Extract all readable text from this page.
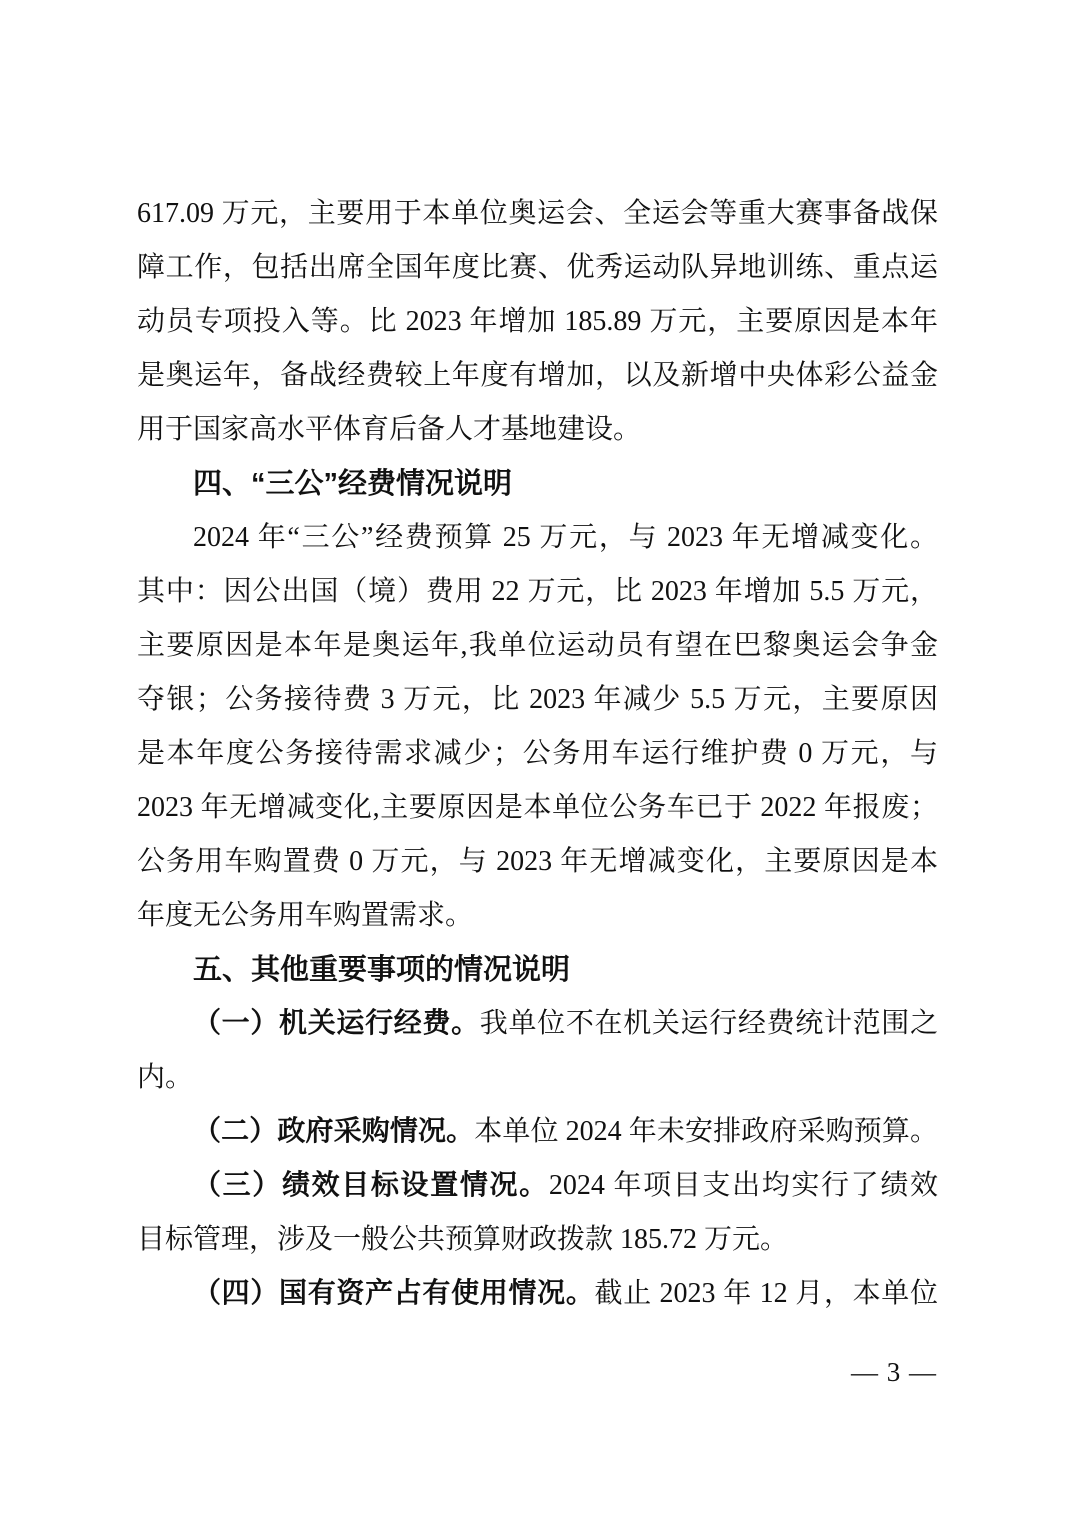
617.09 万元，主要用于本单位奥运会、全运会等重大赛事备战保
障工作，包括出席全国年度比赛、优秀运动队异地训练、重点运
动员专项投入等。比 2023 年增加 185.89 万元，主要原因是本年
是奥运年，备战经费较上年度有增加，以及新增中央体彩公益金
用于国家高水平体育后备人才基地建设。
四、“三公”经费情况说明
2024 年“三公”经费预算 25 万元，与 2023 年无增减变化。
其中：因公出国（境）费用 22 万元，比 2023 年增加 5.5 万元，
主要原因是本年是奥运年,我单位运动员有望在巴黎奥运会争金
夺银；公务接待费 3 万元，比 2023 年减少 5.5 万元，主要原因
是本年度公务接待需求减少；公务用车运行维护费 0 万元，与
2023 年无增减变化,主要原因是本单位公务车已于 2022 年报废；
公务用车购置费 0 万元，与 2023 年无增减变化，主要原因是本
年度无公务用车购置需求。
五、其他重要事项的情况说明
（一）机关运行经费。我单位不在机关运行经费统计范围之
内。
（二）政府采购情况。本单位 2024 年未安排政府采购预算。
（三）绩效目标设置情况。2024 年项目支出均实行了绩效
目标管理，涉及一般公共预算财政拨款 185.72 万元。
（四）国有资产占有使用情况。截止 2023 年 12 月，本单位
— 3 —
